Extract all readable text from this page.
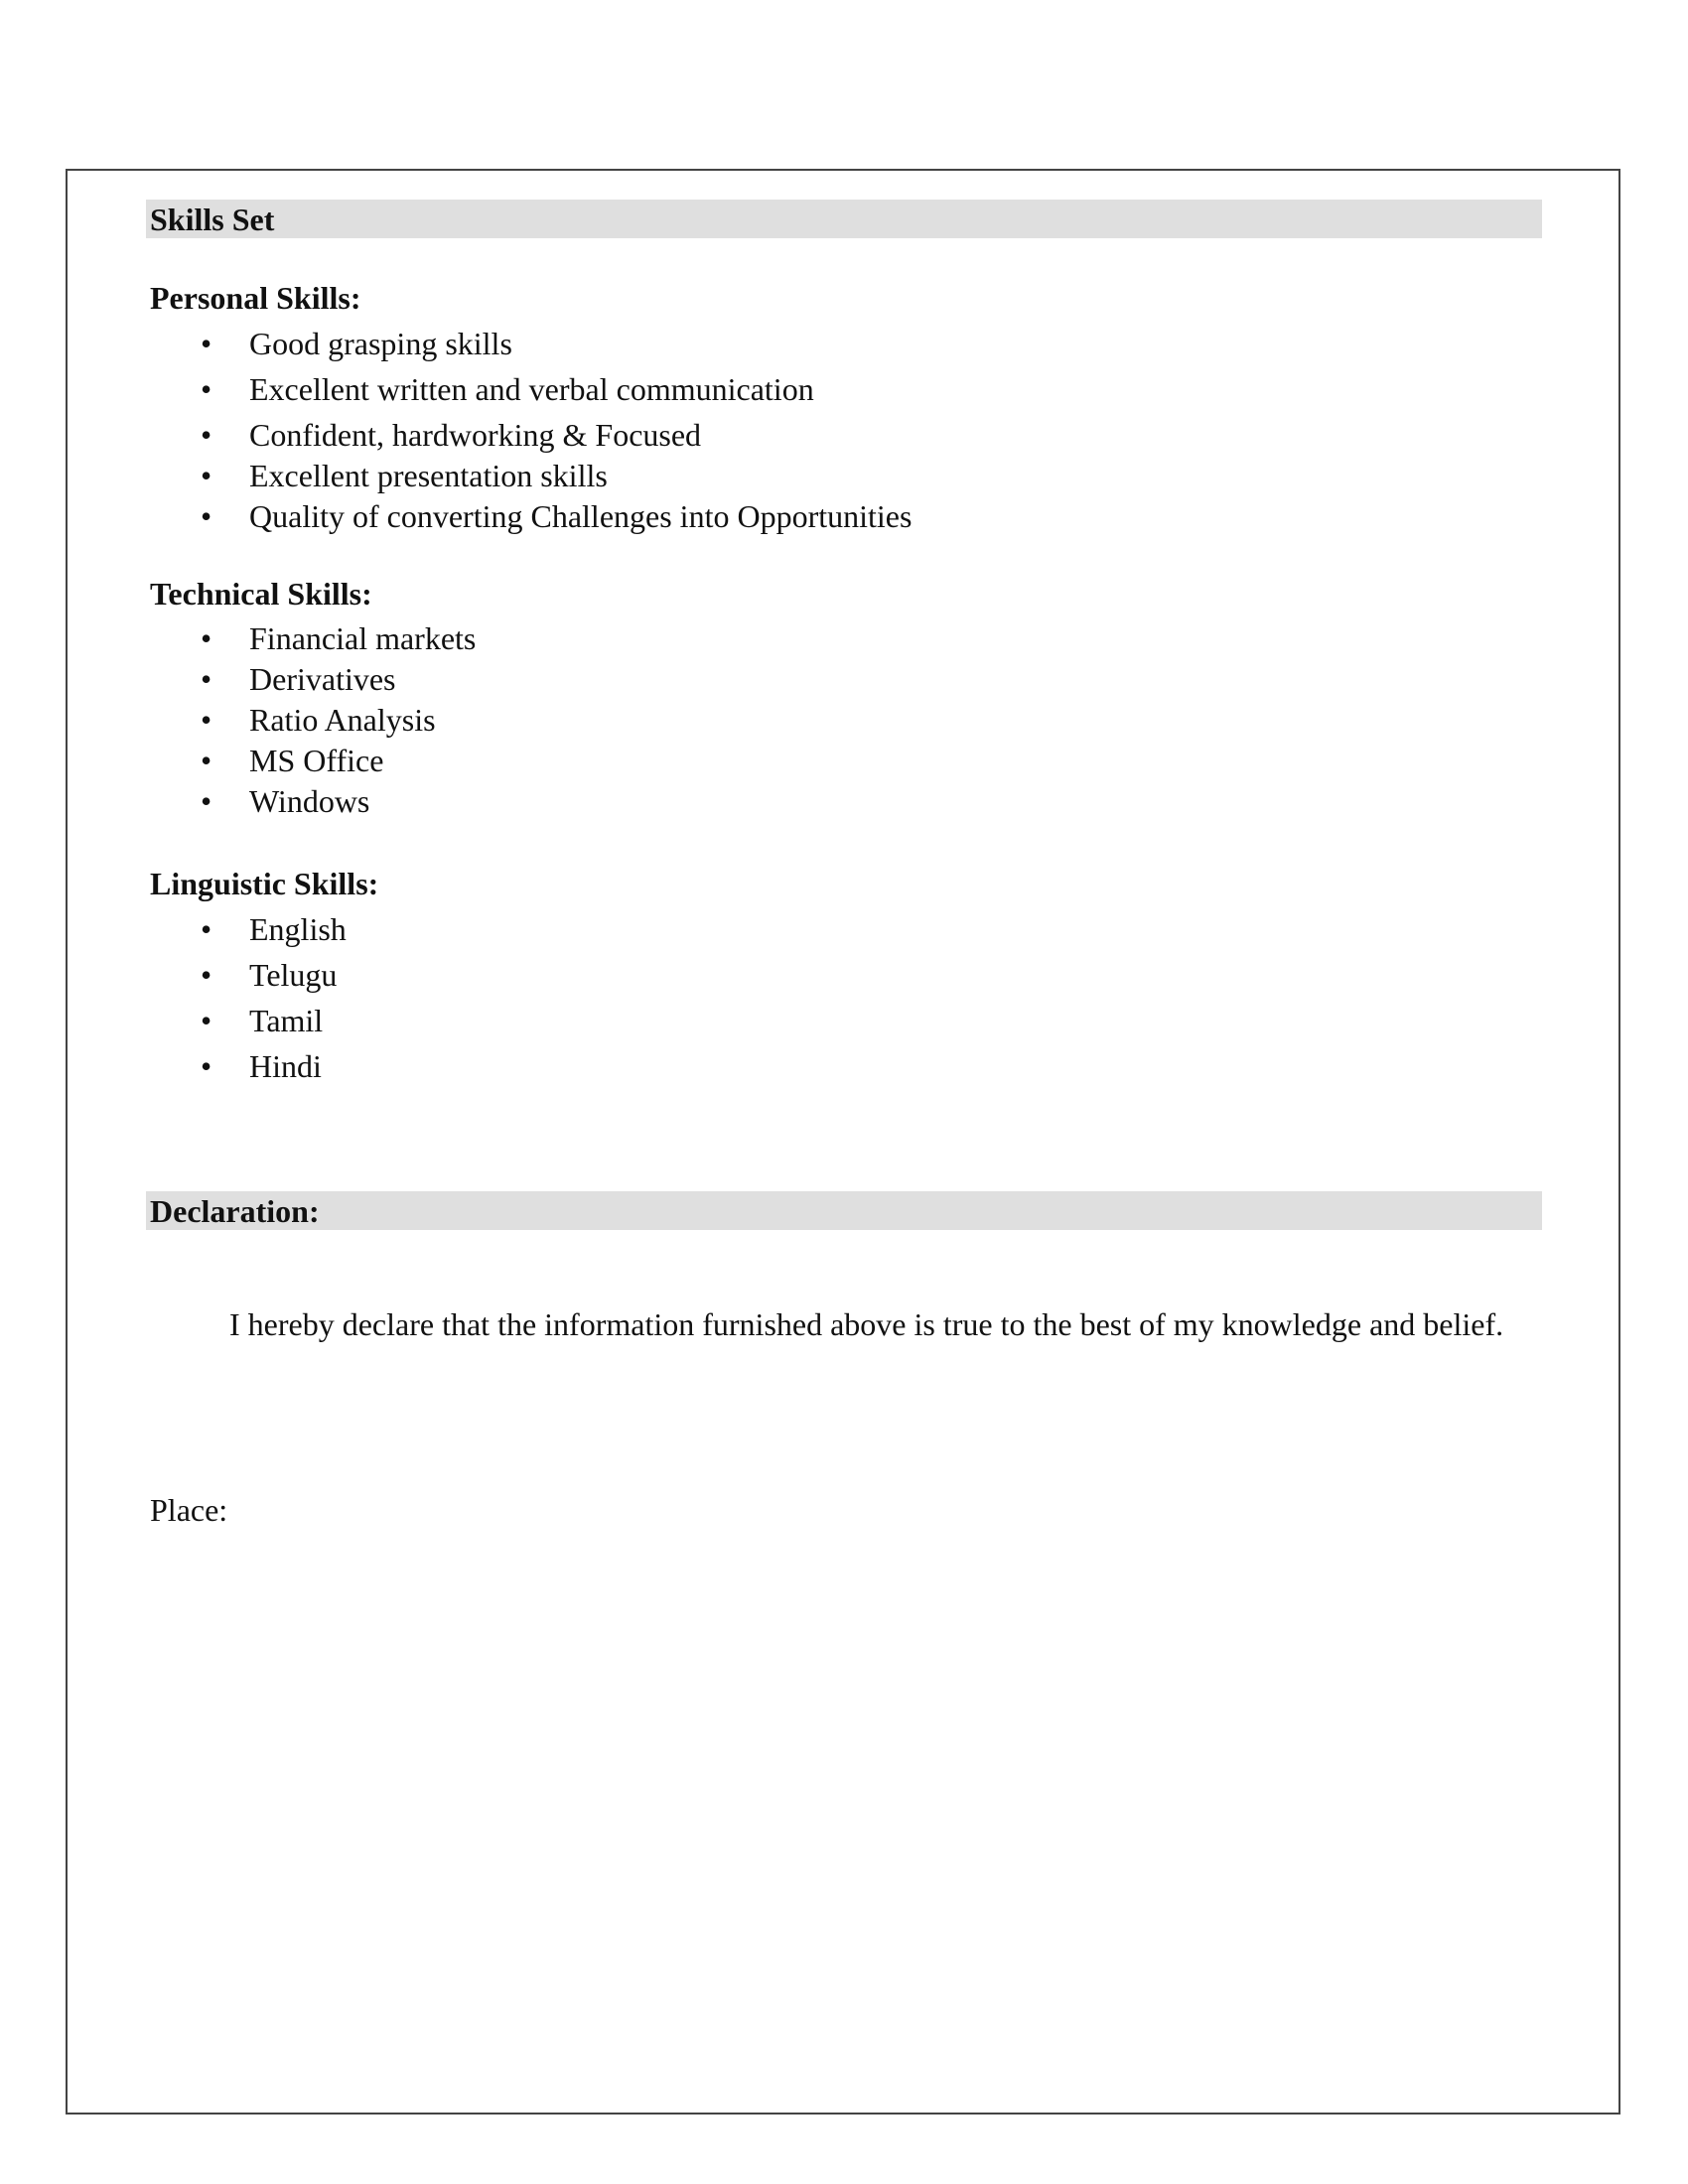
Skills Set
Personal Skills:
• Good grasping skills
• Excellent written and verbal communication
• Confident, hardworking & Focused
• Excellent presentation skills
• Quality of converting Challenges into Opportunities
Technical Skills:
• Financial markets
• Derivatives
• Ratio Analysis
• MS Office
• Windows
Linguistic Skills:
• English
• Telugu
• Tamil
• Hindi
Declaration:
I hereby declare that the information furnished above is true to the best of my knowledge and belief.
Place:
